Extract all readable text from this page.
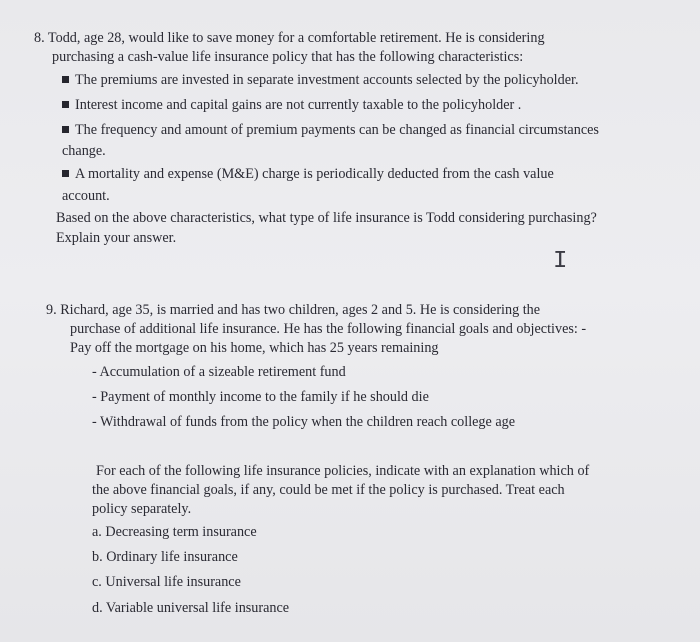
8. Todd, age 28, would like to save money for a comfortable retirement. He is considering
purchasing a cash-value life insurance policy that has the following characteristics:
The premiums are invested in separate investment accounts selected by the policyholder.
Interest income and capital gains are not currently taxable to the policyholder .
The frequency and amount of premium payments can be changed as financial circumstances
change.
A mortality and expense (M&E) charge is periodically deducted from the cash value
account.
Based on the above characteristics, what type of life insurance is Todd considering purchasing?
Explain your answer.
I
9. Richard, age 35, is married and has two children, ages 2 and 5. He is considering the
purchase of additional life insurance. He has the following financial goals and objectives: -
Pay off the mortgage on his home, which has 25 years remaining
- Accumulation of a sizeable retirement fund
- Payment of monthly income to the family if he should die
- Withdrawal of funds from the policy when the children reach college age
For each of the following life insurance policies, indicate with an explanation which of
the above financial goals, if any, could be met if the policy is purchased. Treat each
policy separately.
a. Decreasing term insurance
b. Ordinary life insurance
c. Universal life insurance
d. Variable universal life insurance
